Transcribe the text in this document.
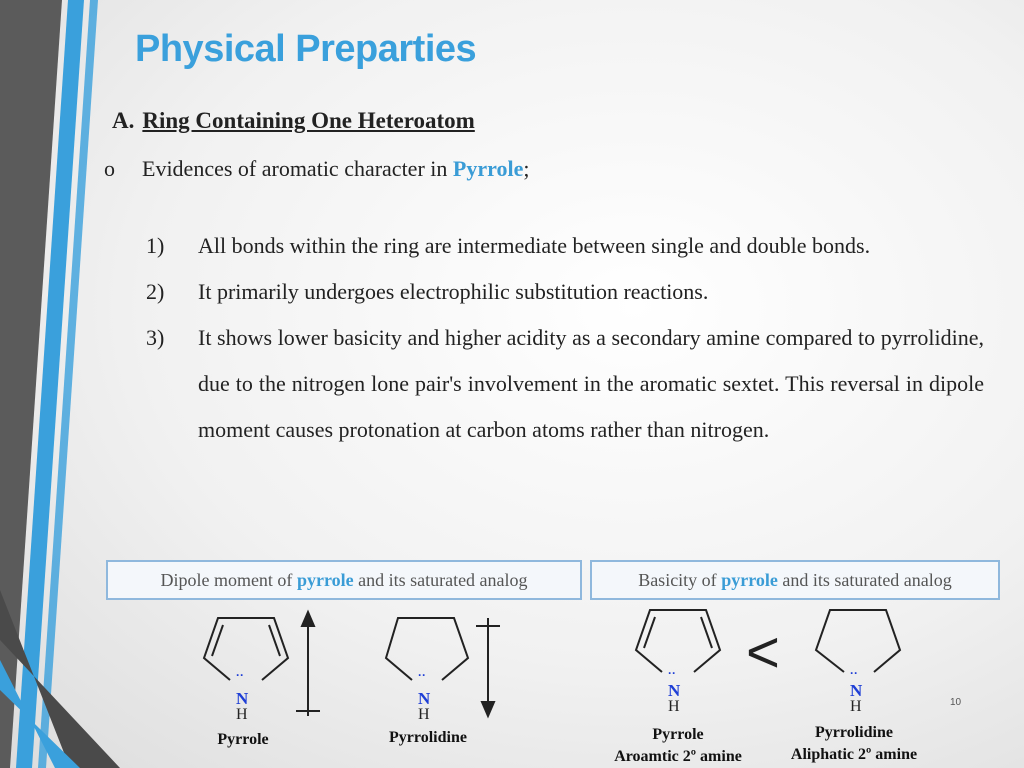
Physical Preparties
A. Ring Containing One Heteroatom
o Evidences of aromatic character in Pyrrole;
1)	All bonds within the ring are intermediate between single and double bonds.
2)	It primarily undergoes electrophilic substitution reactions.
3)	It shows lower basicity and higher acidity as a secondary amine compared to pyrrolidine, due to the nitrogen lone pair's involvement in the aromatic sextet. This reversal in dipole moment causes protonation at carbon atoms rather than nitrogen.
Dipole moment of
pyrrole
and its saturated analog	Basicity of
pyrrole
and its saturated analog
··
N
H
··
N
H
Pyrrole	Pyrrolidine
··
N
H
<	··
N
H
Pyrrole
Aroamtic 2º amine
Pyrrolidine
Aliphatic 2º amine
10
